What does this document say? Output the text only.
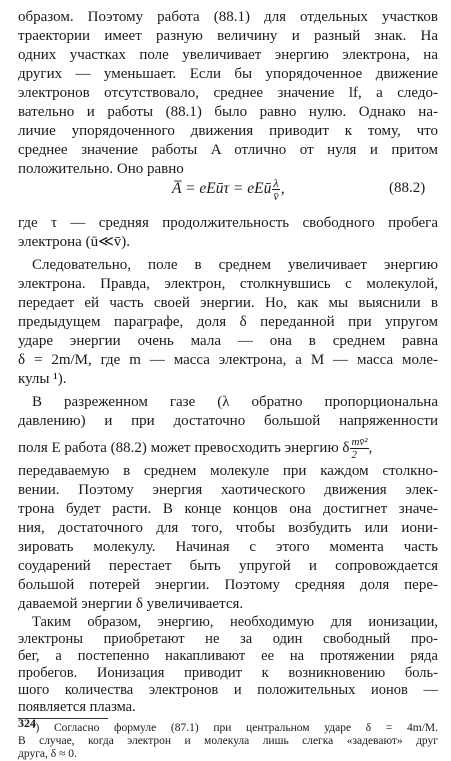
образом. Поэтому работа (88.1) для отдельных участков
траектории имеет разную величину и разный знак. На
одних участках поле увеличивает энергию электрона, на
других — уменьшает. Если бы упорядоченное движение
электронов отсутствовало, среднее значение lf, а следо-
вательно и работы (88.1) было равно нулю. Однако на-
личие упорядоченного движения приводит к тому, что
среднее значение работы A отлично от нуля и притом
положительно. Оно равно
A̅ = eEūτ = eEū $\frac{\lambda}{v̄}$ ,	(88.2)
где τ — средняя продолжительность свободного пробега
электрона (ū≪v̄).
Следовательно, поле в среднем увеличивает энергию
электрона. Правда, электрон, столкнувшись с молекулой,
передает ей часть своей энергии. Но, как мы выяснили в
предыдущем параграфе, доля δ переданной при упругом
ударе энергии очень мала — она в среднем равна
δ = 2m/M, где m — масса электрона, а M — масса моле-
кулы ¹).
В разреженном газе (λ обратно пропорциональна
давлению) и при достаточно большой напряженности
поля E работа (88.2) может превосходить энергию δ $\frac{\text{mv̄²}}{2}$ ,
передаваемую в среднем молекуле при каждом столкно-
вении. Поэтому энергия хаотического движения элек-
трона будет расти. В конце концов она достигнет значе-
ния, достаточного для того, чтобы возбудить или иони-
зировать молекулу. Начиная с этого момента часть
соударений перестает быть упругой и сопровождается
большой потерей энергии. Поэтому средняя доля пере-
даваемой энергии δ увеличивается.
¹) Согласно формуле (87.1) при центральном ударе δ = 4m/M.
В случае, когда электрон и молекула лишь слегка «задевают» друг
друга, δ ≈ 0.
324
Таким образом, энергию, необходимую для ионизации,
электроны приобретают не за один свободный про-
бег, а постепенно накапливают ее на протяжении ряда
пробегов. Ионизация приводит к возникновению боль-
шого количества электронов и положительных ионов —
появляется плазма.
